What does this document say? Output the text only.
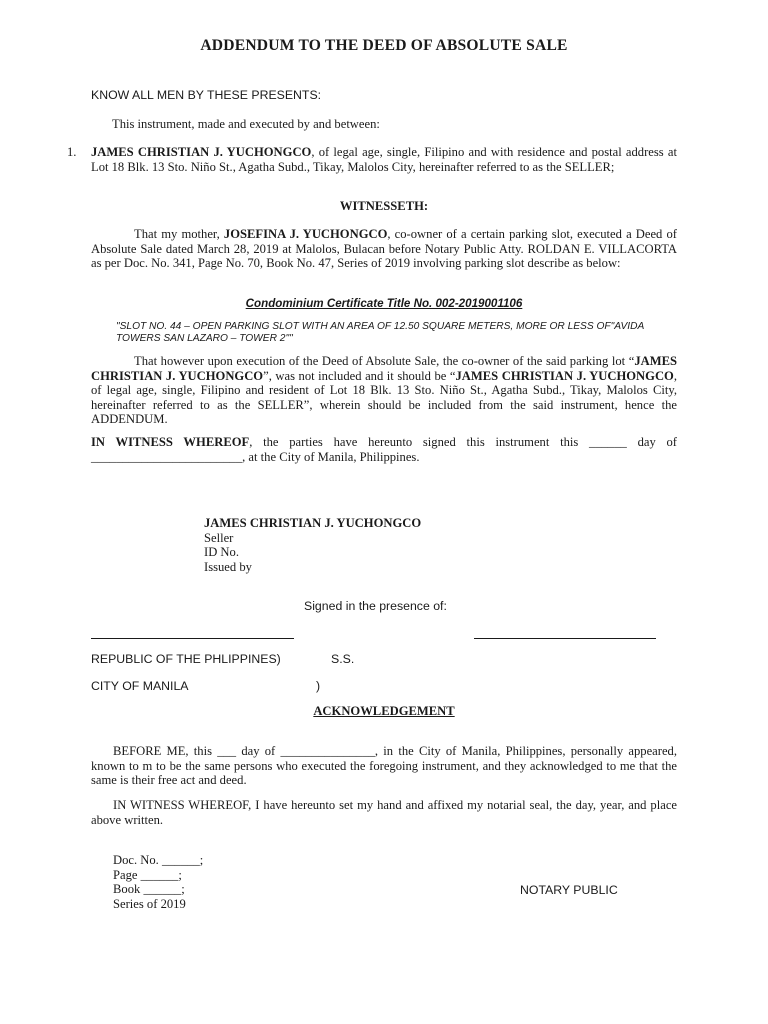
ADDENDUM TO THE DEED OF ABSOLUTE SALE

KNOW ALL MEN BY THESE PRESENTS:

This instrument, made and executed by and between:

1. JAMES CHRISTIAN J. YUCHONGCO, of legal age, single, Filipino and with residence and postal address at Lot 18 Blk. 13 Sto. Niño St., Agatha Subd., Tikay, Malolos City, hereinafter referred to as the SELLER;

WITNESSETH:

That my mother, JOSEFINA J. YUCHONGCO, co-owner of a certain parking slot, executed a Deed of Absolute Sale dated March 28, 2019 at Malolos, Bulacan before Notary Public Atty. ROLDAN E. VILLACORTA as per Doc. No. 341, Page No. 70, Book No. 47, Series of 2019 involving parking slot describe as below:

Condominium Certificate Title No. 002-2019001106

"SLOT NO. 44 – OPEN PARKING SLOT WITH AN AREA OF 12.50 SQUARE METERS, MORE OR LESS OF"AVIDA TOWERS SAN LAZARO – TOWER 2""

That however upon execution of the Deed of Absolute Sale, the co-owner of the said parking lot “JAMES CHRISTIAN J. YUCHONGCO”, was not included and it should be “JAMES CHRISTIAN J. YUCHONGCO, of legal age, single, Filipino and resident of Lot 18 Blk. 13 Sto. Niño St., Agatha Subd., Tikay, Malolos City, hereinafter referred to as the SELLER”, wherein should be included from the said instrument, hence the ADDENDUM.

IN WITNESS WHEREOF, the parties have hereunto signed this instrument this ______ day of ________________________, at the City of Manila, Philippines.

JAMES CHRISTIAN J. YUCHONGCO
Seller
ID No.
Issued by

Signed in the presence of:

REPUBLIC OF THE PHLIPPINES)	S.S.

CITY OF MANILA	)

ACKNOWLEDGEMENT

BEFORE ME, this ___ day of _______________, in the City of Manila, Philippines, personally appeared, known to m to be the same persons who executed the foregoing instrument, and they acknowledged to me that the same is their free act and deed.

IN WITNESS WHEREOF, I have hereunto set my hand and affixed my notarial seal, the day, year, and place above written.

Doc. No. ______;
Page ______;
Book ______;
Series of 2019

NOTARY PUBLIC
